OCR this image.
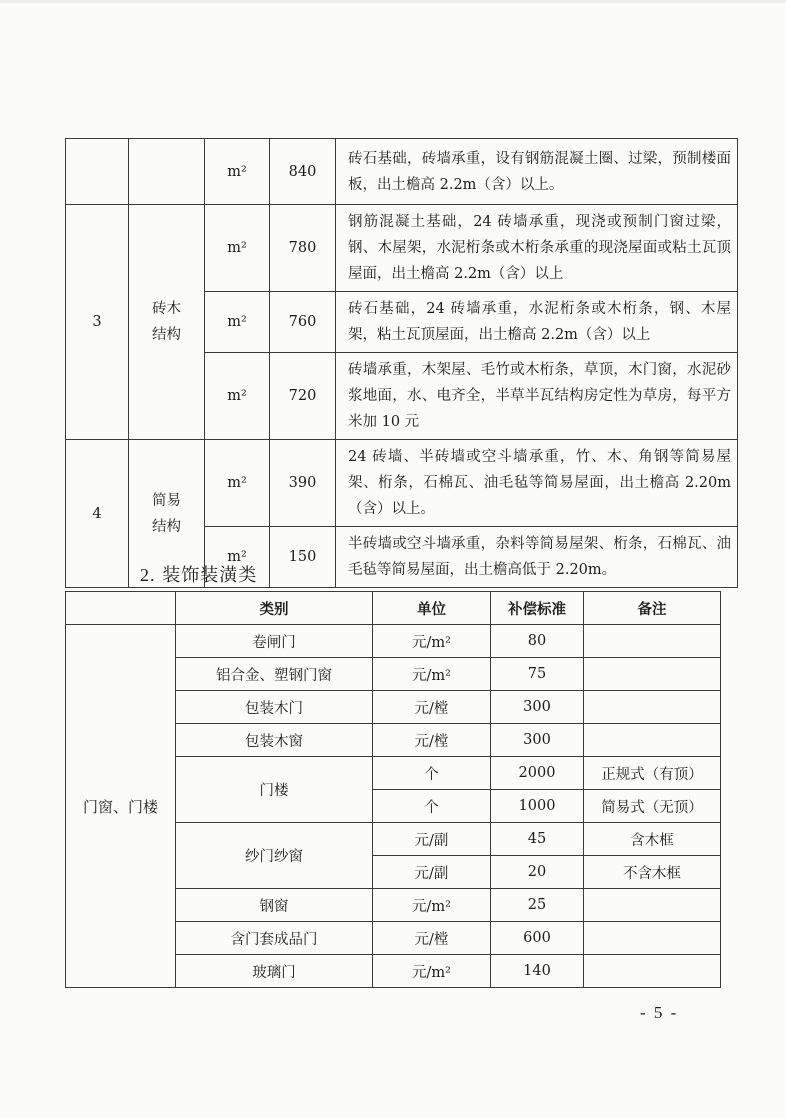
		m²	840	砖石基础，砖墙承重，设有钢筋混凝土圈、过梁，预制楼面板，出土檐高 2.2m（含）以上。
3	砖木结构	m²	780	钢筋混凝土基础，24 砖墙承重，现浇或预制门窗过梁，钢、木屋架，水泥桁条或木桁条承重的现浇屋面或粘土瓦顶屋面，出土檐高 2.2m（含）以上
		m²	760	砖石基础，24 砖墙承重，水泥桁条或木桁条，钢、木屋架，粘土瓦顶屋面，出土檐高 2.2m（含）以上
		m²	720	砖墙承重，木架屋、毛竹或木桁条，草顶，木门窗，水泥砂浆地面，水、电齐全，半草半瓦结构房定性为草房，每平方米加 10 元
4	简易结构	m²	390	24 砖墙、半砖墙或空斗墙承重，竹、木、角钢等简易屋架、桁条，石棉瓦、油毛毡等简易屋面，出土檐高 2.20m（含）以上。
		m²	150	半砖墙或空斗墙承重，杂料等简易屋架、桁条，石棉瓦、油毛毡等简易屋面，出土檐高低于 2.20m。
2. 装饰装潢类
	类别	单位	补偿标准	备注
门窗、门楼	卷闸门	元/m²	80	
	铝合金、塑钢门窗	元/m²	75	
	包装木门	元/樘	300	
	包装木窗	元/樘	300	
	门楼	个	2000	正规式（有顶）
		个	1000	简易式（无顶）
	纱门纱窗	元/副	45	含木框
		元/副	20	不含木框
	钢窗	元/m²	25	
	含门套成品门	元/樘	600	
	玻璃门	元/m²	140	
- 5 -
